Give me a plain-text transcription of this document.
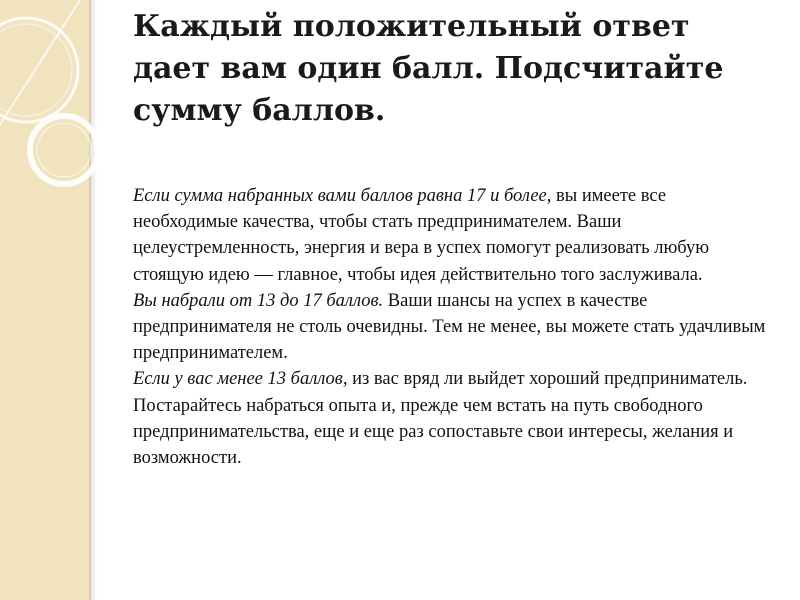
Каждый положительный ответ дает вам один балл. Подсчитайте сумму баллов.

Если сумма набранных вами баллов равна 17 и более, вы имеете все необходимые качества, чтобы стать предпринимателем. Ваши целеустремленность, энергия и вера в успех помогут реализовать любую стоящую идею — главное, чтобы идея действительно того заслуживала.

Вы набрали от 13 до 17 баллов. Ваши шансы на успех в качестве предпринимателя не столь очевидны. Тем не менее, вы можете стать удачливым предпринимателем.

Если у вас менее 13 баллов, из вас вряд ли выйдет хороший предприниматель. Постарайтесь набраться опыта и, прежде чем встать на путь свободного предпринимательства, еще и еще раз сопоставьте свои интересы, желания и возможности.
